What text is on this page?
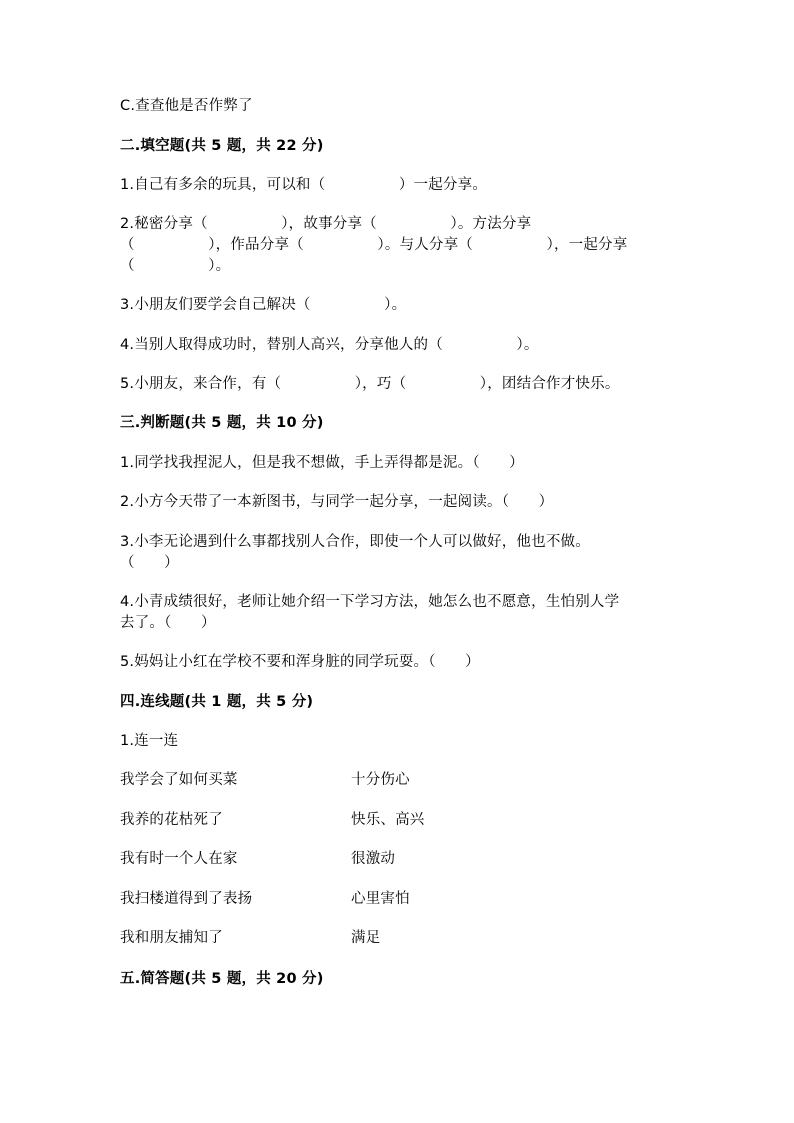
C.查查他是否作弊了
二.填空题(共 5 题，共 22 分)
1.自己有多余的玩具，可以和（　　　　　）一起分享。
2.秘密分享（　　　　　），故事分享（　　　　　）。方法分享
（　　　　　），作品分享（　　　　　）。与人分享（　　　　　），一起分享
（　　　　　）。
3.小朋友们要学会自己解决（　　　　　）。
4.当别人取得成功时，替别人高兴，分享他人的（　　　　　）。
5.小朋友，来合作，有（　　　　　），巧（　　　　　），团结合作才快乐。
三.判断题(共 5 题，共 10 分)
1.同学找我捏泥人，但是我不想做，手上弄得都是泥。（　　）
2.小方今天带了一本新图书，与同学一起分享，一起阅读。（　　）
3.小李无论遇到什么事都找别人合作，即使一个人可以做好，他也不做。
（　　）
4.小青成绩很好，老师让她介绍一下学习方法，她怎么也不愿意，生怕别人学
去了。（　　）
5.妈妈让小红在学校不要和浑身脏的同学玩耍。（　　）
四.连线题(共 1 题，共 5 分)
1.连一连
我学会了如何买菜	十分伤心
我养的花枯死了	快乐、高兴
我有时一个人在家	很激动
我扫楼道得到了表扬	心里害怕
我和朋友捕知了	满足
五.简答题(共 5 题，共 20 分)
